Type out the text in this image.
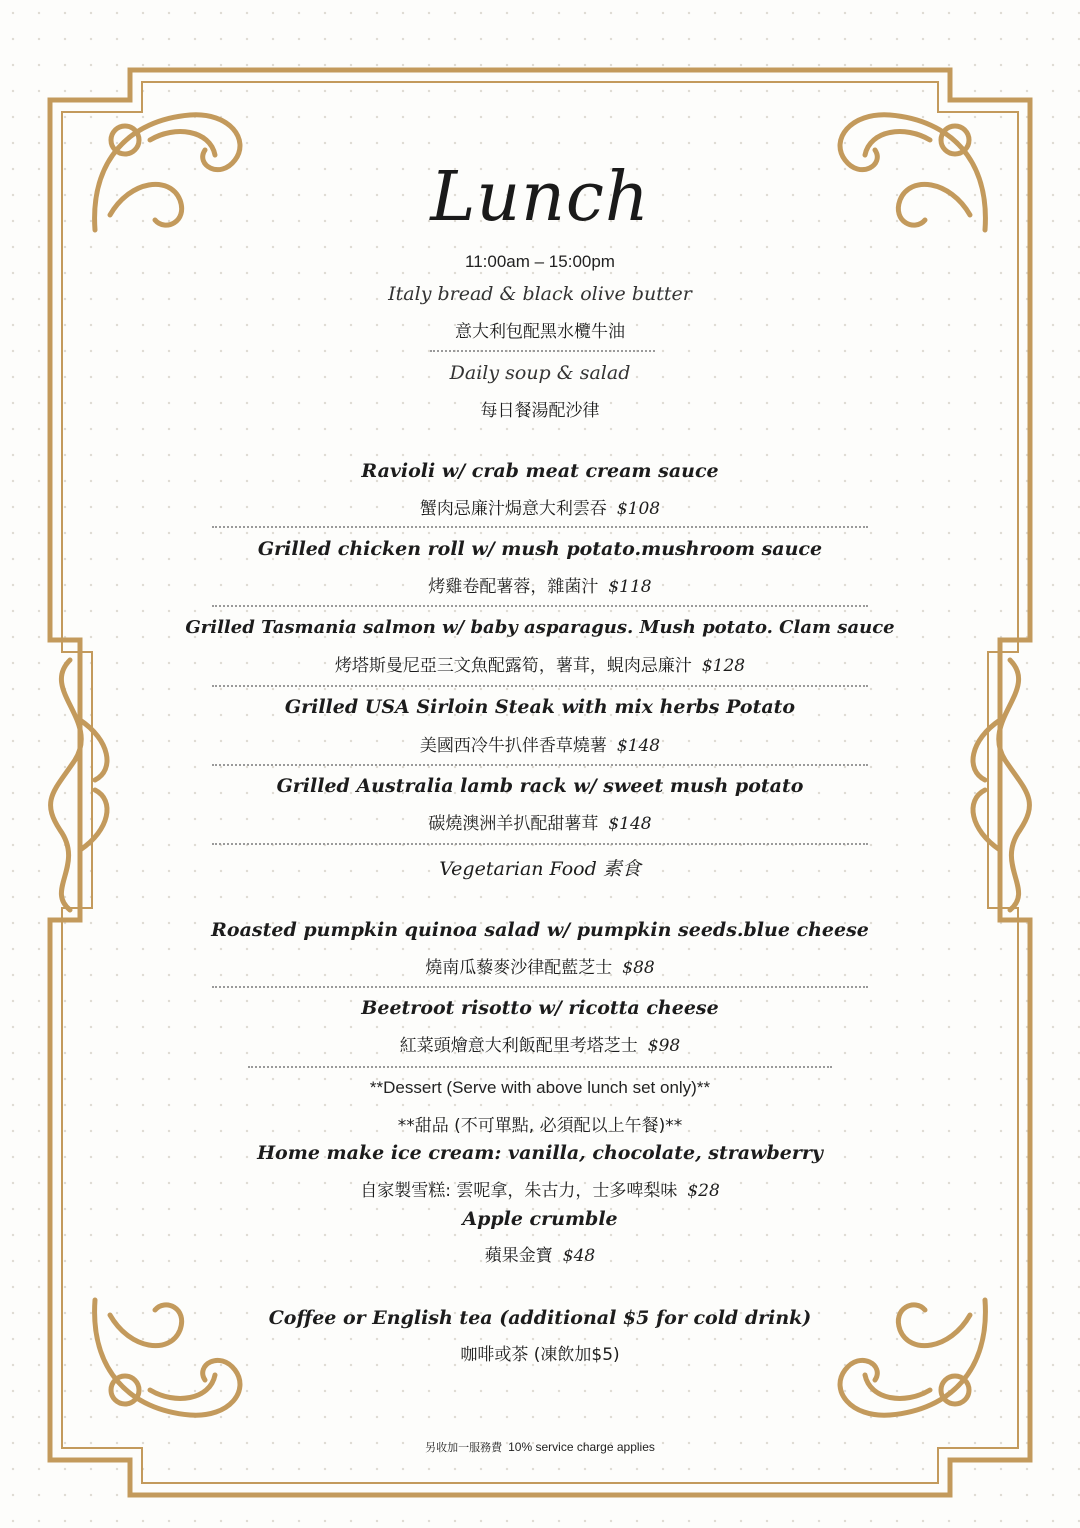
Lunch
11:00am – 15:00pm
Italy bread & black olive butter
意大利包配黑水欖牛油
Daily soup & salad
每日餐湯配沙律
Ravioli w/ crab meat cream sauce
蟹肉忌廉汁焗意大利雲吞 $108
Grilled chicken roll w/ mush potato.mushroom sauce
烤雞卷配薯蓉，雜菌汁 $118
Grilled Tasmania salmon w/ baby asparagus. Mush potato. Clam sauce
烤塔斯曼尼亞三文魚配露筍，薯茸，蜆肉忌廉汁 $128
Grilled USA Sirloin Steak with mix herbs Potato
美國西冷牛扒伴香草燒薯 $148
Grilled Australia lamb rack w/ sweet mush potato
碳燒澳洲羊扒配甜薯茸 $148
Vegetarian Food 素食
Roasted pumpkin quinoa salad w/ pumpkin seeds.blue cheese
燒南瓜藜麥沙律配藍芝士 $88
Beetroot risotto w/ ricotta cheese
紅菜頭燴意大利飯配里考塔芝士 $98
**Dessert (Serve with above lunch set only)**
**甜品 (不可單點, 必須配以上午餐)**
Home make ice cream: vanilla, chocolate, strawberry
自家製雪糕: 雲呢拿，朱古力，士多啤梨味 $28
Apple crumble
蘋果金寶 $48
Coffee or English tea (additional $5 for cold drink)
咖啡或茶 (凍飲加$5)
另收加一服務費 10% service charge applies
